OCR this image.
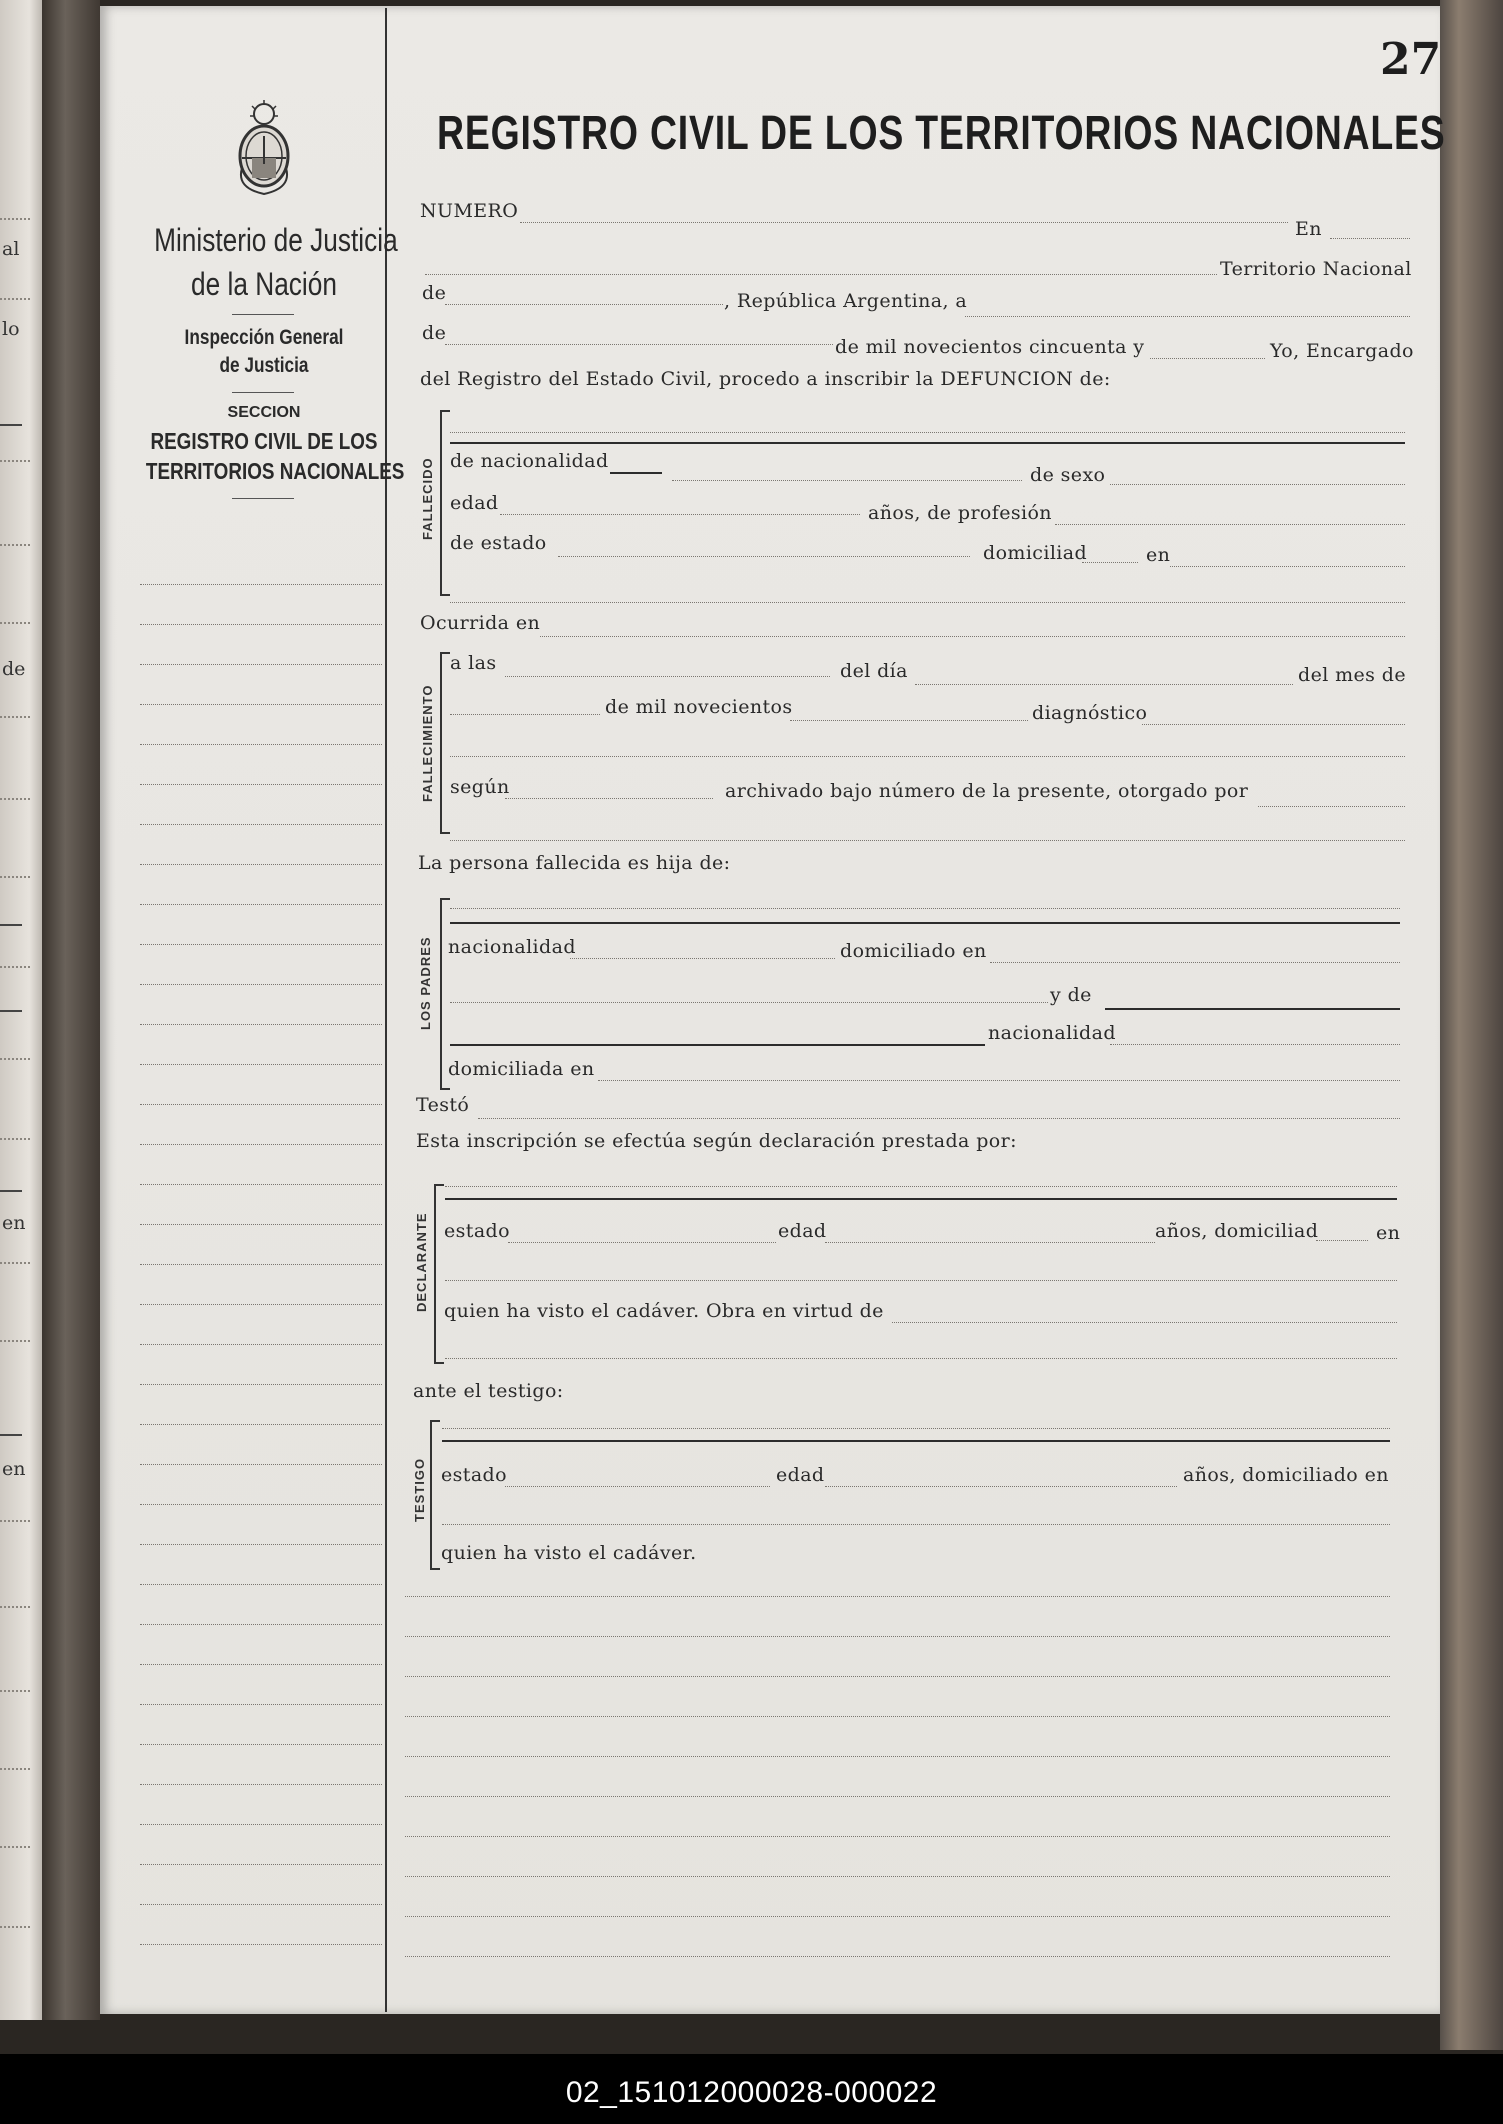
al
lo
de
en
en
27
REGISTRO CIVIL DE LOS TERRITORIOS NACIONALES
Ministerio de Justicia
de la Nación
Inspección General
de Justicia
SECCION
REGISTRO CIVIL DE LOS
TERRITORIOS NACIONALES
NUMERO
En
Territorio Nacional
de	, República Argentina, a
de
de mil novecientos cincuenta y	Yo, Encargado
del Registro del Estado Civil, procedo a inscribir la DEFUNCION de:
FALLECIDO de nacionalidad
de sexo
edad	años, de profesión
de estado	domiciliad	en
Ocurrida en
FALLECIMIENTO
a las	del día	del mes de
de mil novecientos	diagnóstico
según	archivado bajo número de la presente, otorgado por
La persona fallecida es hija de:
LOS PADRES nacionalidad	domiciliado en
y de
nacionalidad
domiciliada en
Testó
Esta inscripción se efectúa según declaración prestada por:
DECLARANTE estado	edad	años, domiciliad	en
quien ha visto el cadáver. Obra en virtud de
ante el testigo:
TESTIGO estado	edad	años, domiciliado en
quien ha visto el cadáver.
02_151012000028-000022
